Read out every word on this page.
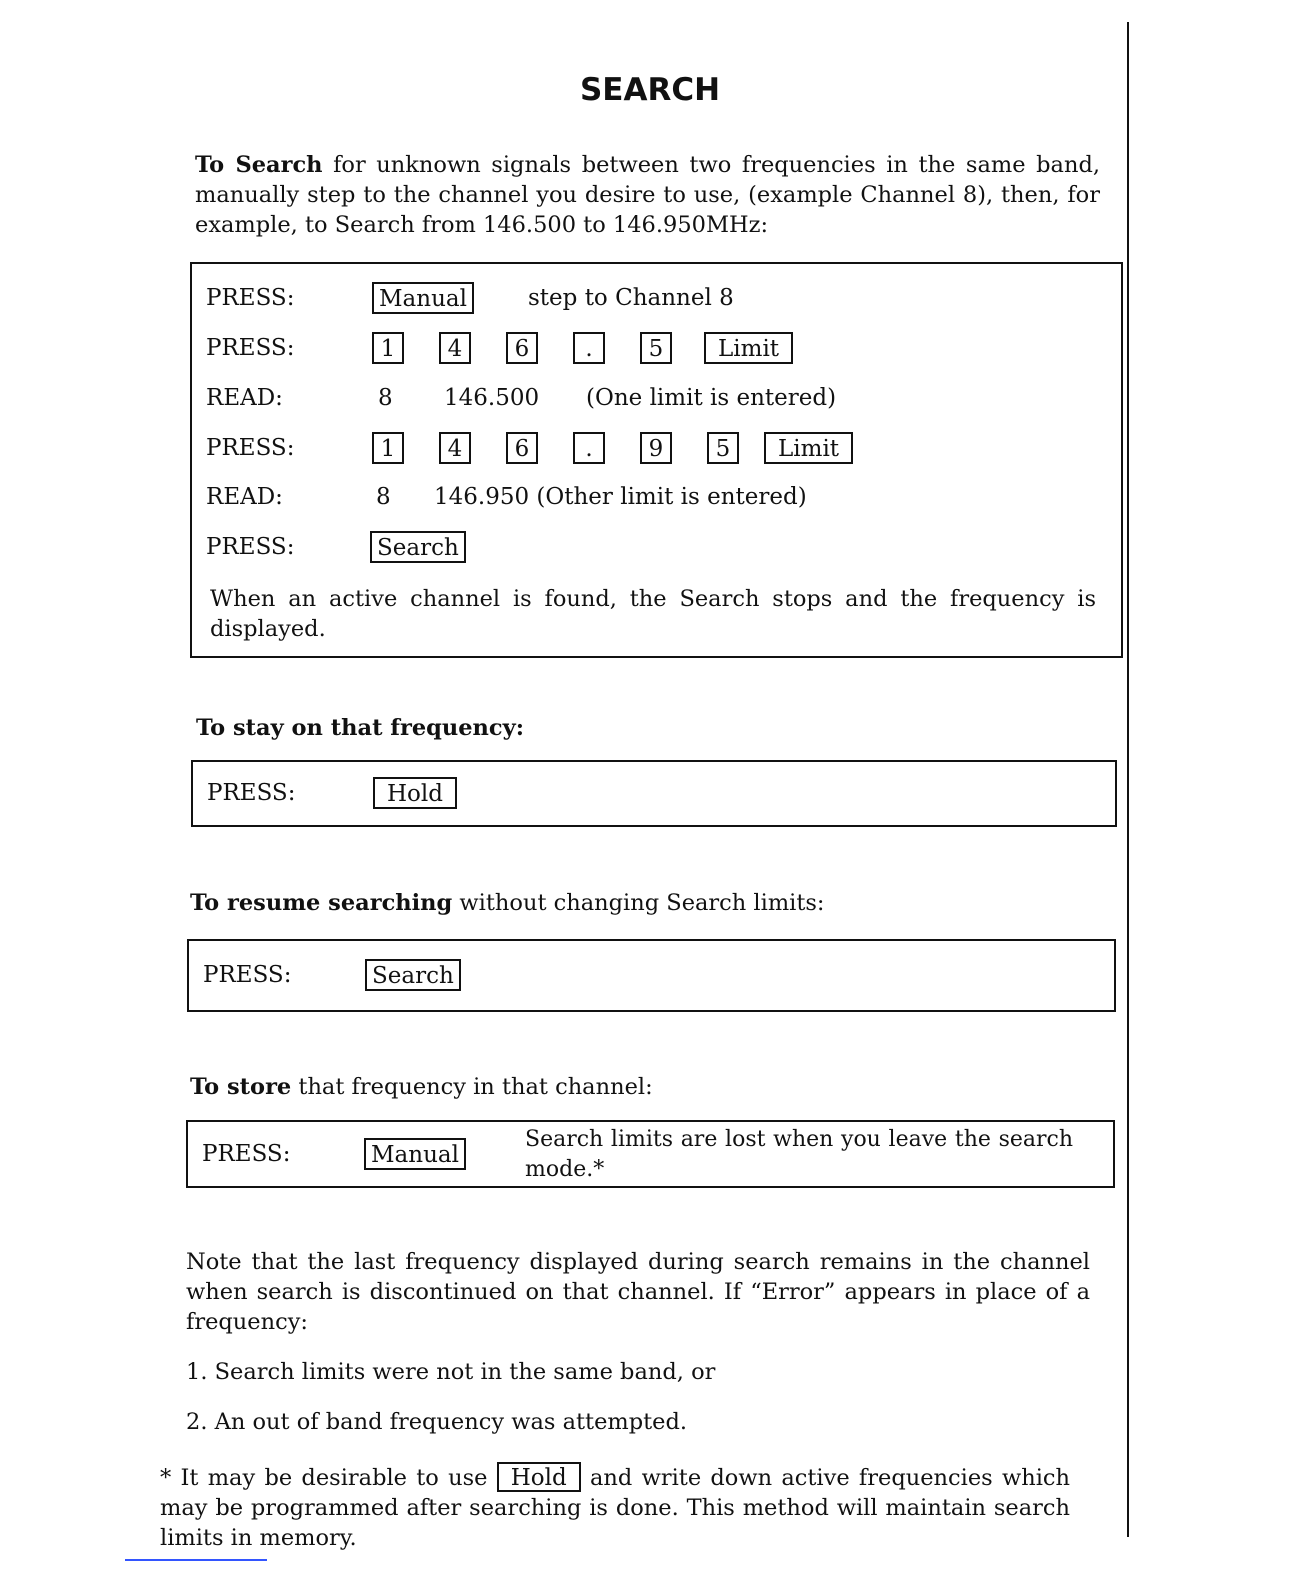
SEARCH
To Search for unknown signals between two frequencies in the same band, manually step to the channel you desire to use, (example Channel 8), then, for example, to Search from 146.500 to 146.950MHz:
PRESS:	Manual	step to Channel 8
PRESS:	1	4	6	.	5	Limit
READ:	8 146.500 (One limit is entered)
PRESS:	1	4	6	.	9	5	Limit
READ:	8 146.950 (Other limit is entered)
PRESS:	Search
When an active channel is found, the Search stops and the frequency is displayed.
To stay on that frequency:
PRESS:	Hold
To resume searching without changing Search limits:
PRESS:	Search
To store that frequency in that channel:
PRESS:	Manual
Search limits are lost when you leave the search mode.*
Note that the last frequency displayed during search remains in the channel when search is discontinued on that channel. If “Error” appears in place of a frequency:
1. Search limits were not in the same band, or
2. An out of band frequency was attempted.
* It may be desirable to use Hold and write down active frequencies which may be programmed after searching is done. This method will maintain search limits in memory.
